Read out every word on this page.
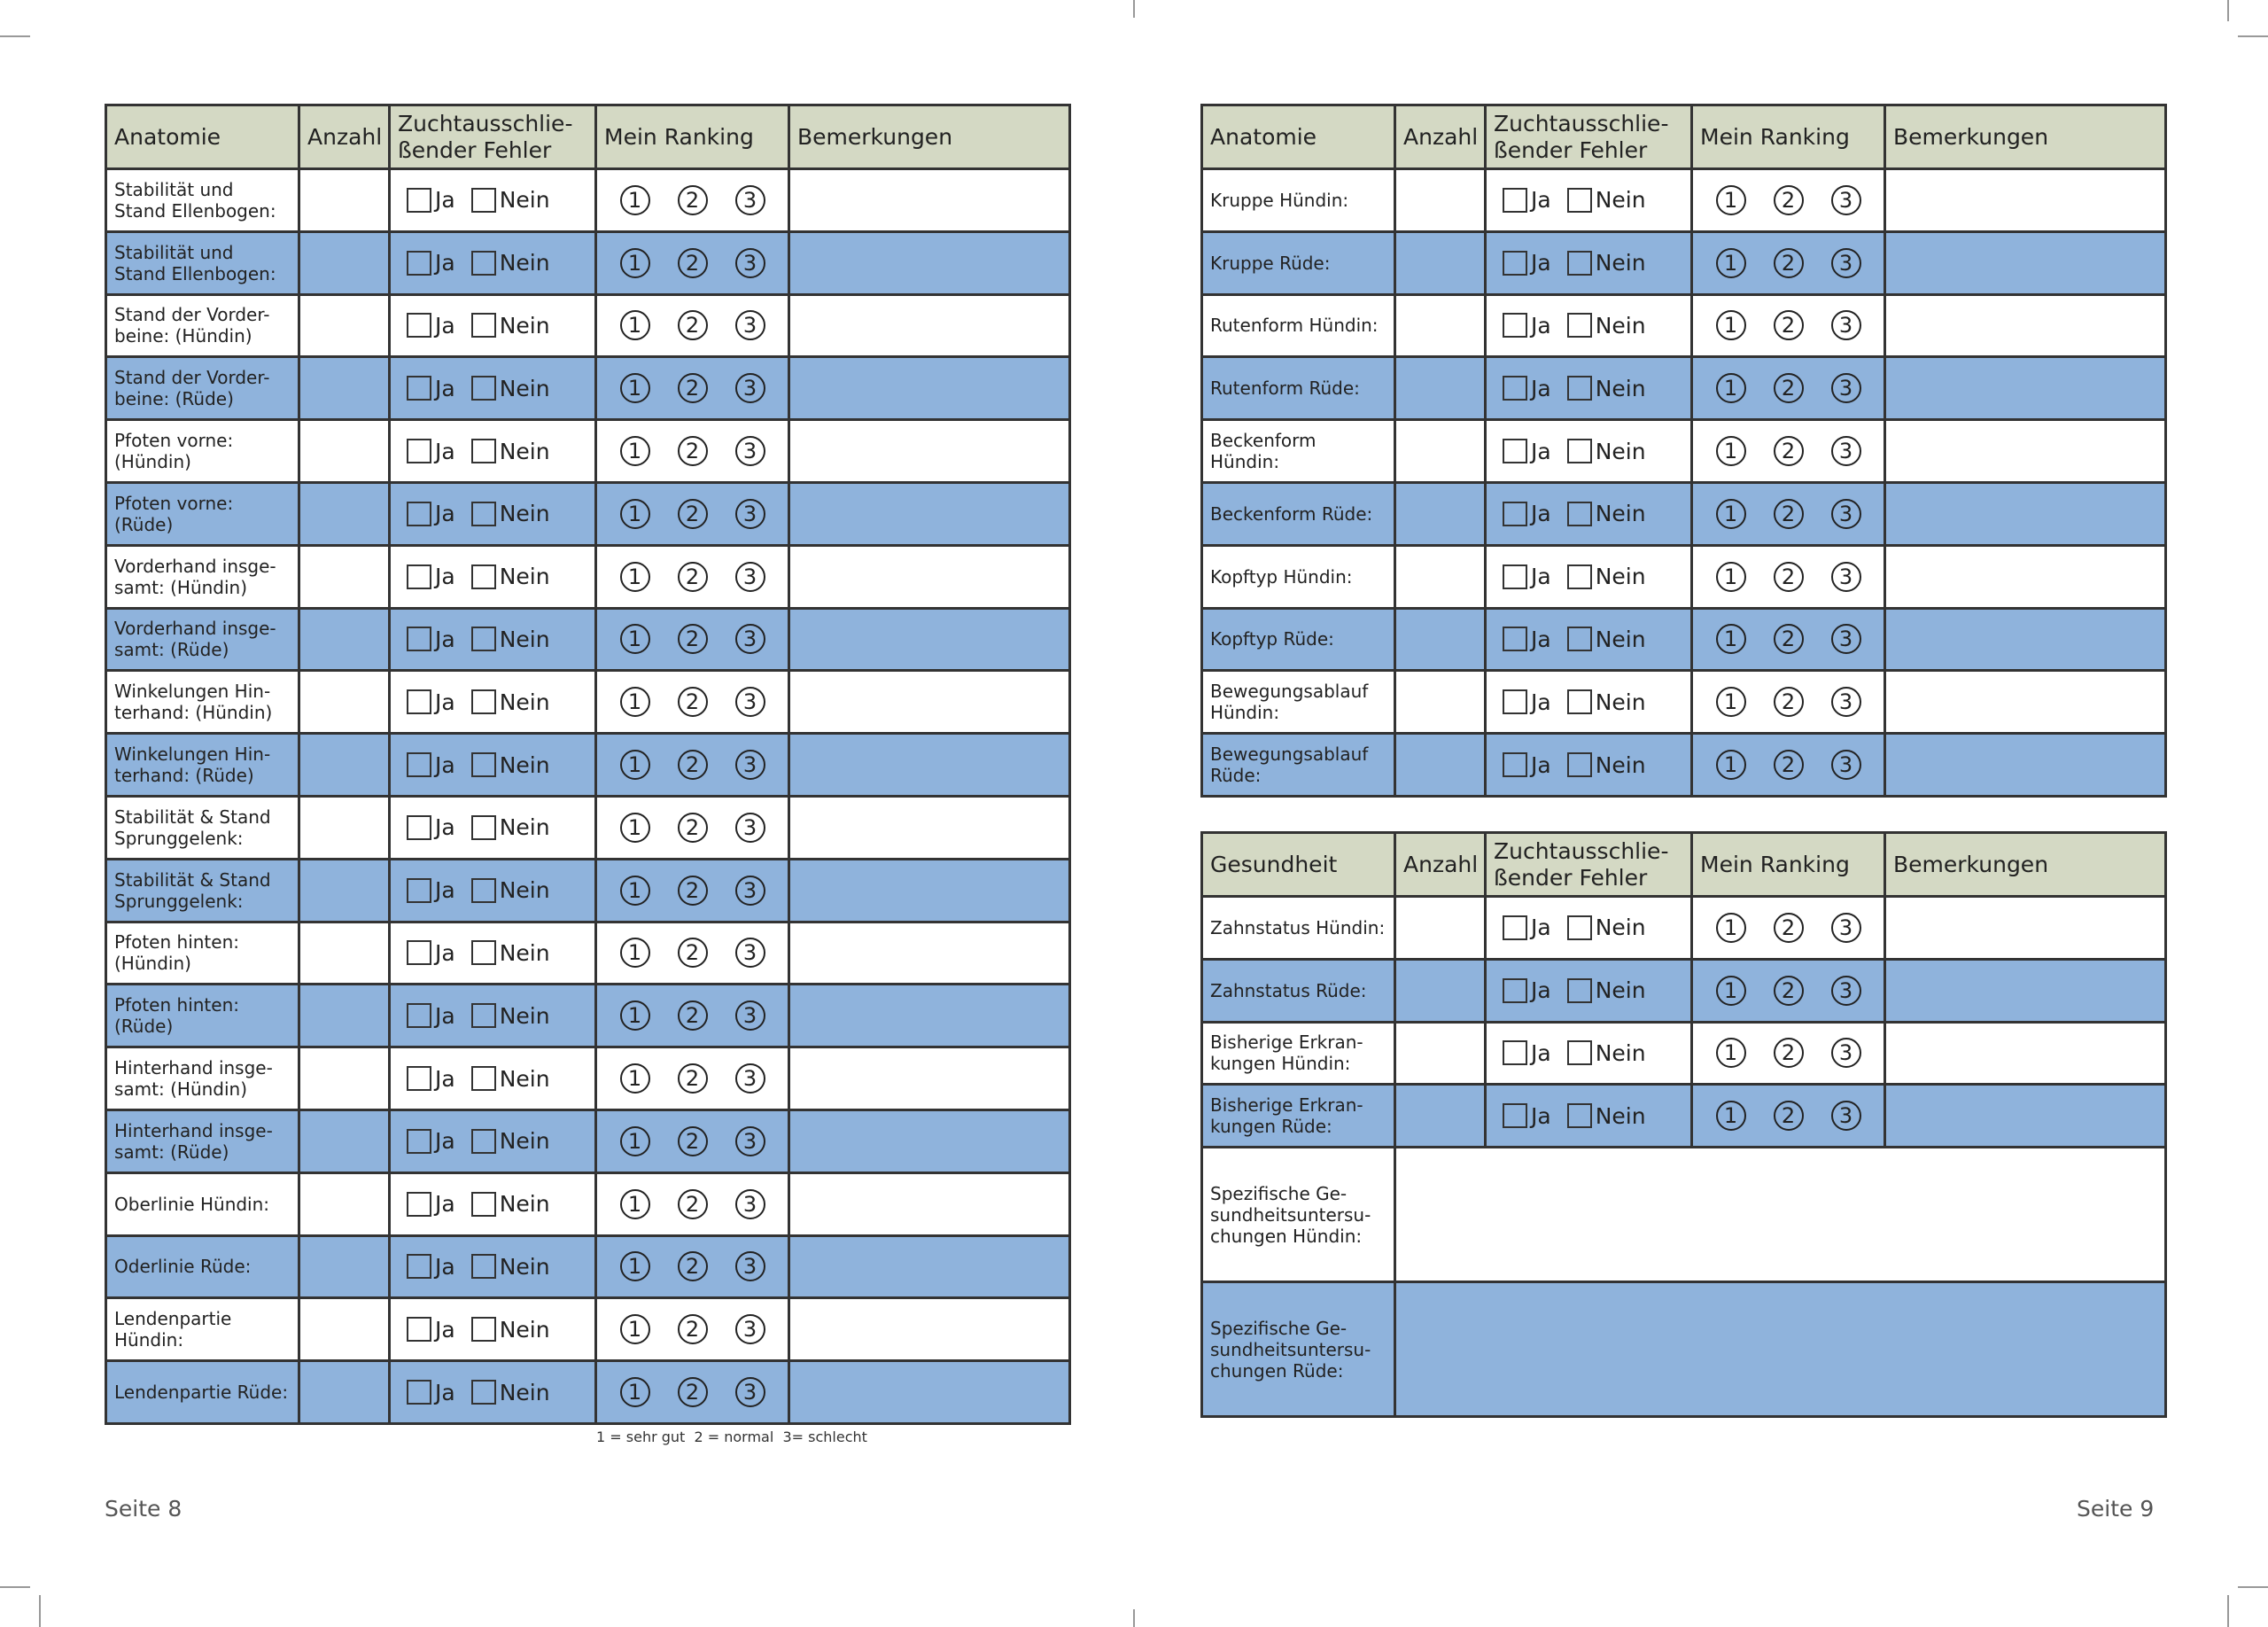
Anatomie	Anzahl	Zuchtausschlie-
ßender Fehler	Mein Ranking	Bemerkungen
Stabilität und
Stand Ellenbogen:		Ja Nein	1 2 3	

Stabilität und
Stand Ellenbogen:		Ja Nein	1 2 3	

Stand der Vorder-
beine: (Hündin)		Ja Nein	1 2 3	

Stand der Vorder-
beine: (Rüde)		Ja Nein	1 2 3	

Pfoten vorne:
(Hündin)		Ja Nein	1 2 3	

Pfoten vorne:
(Rüde)		Ja Nein	1 2 3	

Vorderhand insge-
samt: (Hündin)		Ja Nein	1 2 3	

Vorderhand insge-
samt: (Rüde)		Ja Nein	1 2 3	

Winkelungen Hin-
terhand: (Hündin)		Ja Nein	1 2 3	

Winkelungen Hin-
terhand: (Rüde)		Ja Nein	1 2 3	

Stabilität & Stand
Sprunggelenk:		Ja Nein	1 2 3	

Stabilität & Stand
Sprunggelenk:		Ja Nein	1 2 3	

Pfoten hinten:
(Hündin)		Ja Nein	1 2 3	

Pfoten hinten:
(Rüde)		Ja Nein	1 2 3	

Hinterhand insge-
samt: (Hündin)		Ja Nein	1 2 3	

Hinterhand insge-
samt: (Rüde)		Ja Nein	1 2 3	

Oberlinie Hündin:		Ja Nein	1 2 3	

Oderlinie Rüde:		Ja Nein	1 2 3	

Lendenpartie
Hündin:		Ja Nein	1 2 3	

Lendenpartie Rüde:		Ja Nein	1 2 3	

1 = sehr gut  2 = normal  3= schlecht
Anatomie	Anzahl	Zuchtausschlie-
ßender Fehler	Mein Ranking	Bemerkungen
Kruppe Hündin:		Ja Nein	1 2 3	

Kruppe Rüde:		Ja Nein	1 2 3	

Rutenform Hündin:		Ja Nein	1 2 3	

Rutenform Rüde:		Ja Nein	1 2 3	

Beckenform Hündin:		Ja Nein	1 2 3	

Beckenform Rüde:		Ja Nein	1 2 3	

Kopftyp Hündin:		Ja Nein	1 2 3	

Kopftyp Rüde:		Ja Nein	1 2 3	

Bewegungsablauf
Hündin:		Ja Nein	1 2 3	

Bewegungsablauf
Rüde:		Ja Nein	1 2 3	

Gesundheit	Anzahl	Zuchtausschlie-
ßender Fehler	Mein Ranking	Bemerkungen
Zahnstatus Hündin:		Ja Nein	1 2 3	

Zahnstatus Rüde:		Ja Nein	1 2 3	

Bisherige Erkran-
kungen Hündin:		Ja Nein	1 2 3	

Bisherige Erkran-
kungen Rüde:		Ja Nein	1 2 3	

Spezifische Ge-
sundheitsuntersu-
chungen Hündin:				
Spezifische Ge-
sundheitsuntersu-
chungen Rüde:				
Seite 8	Seite 9
